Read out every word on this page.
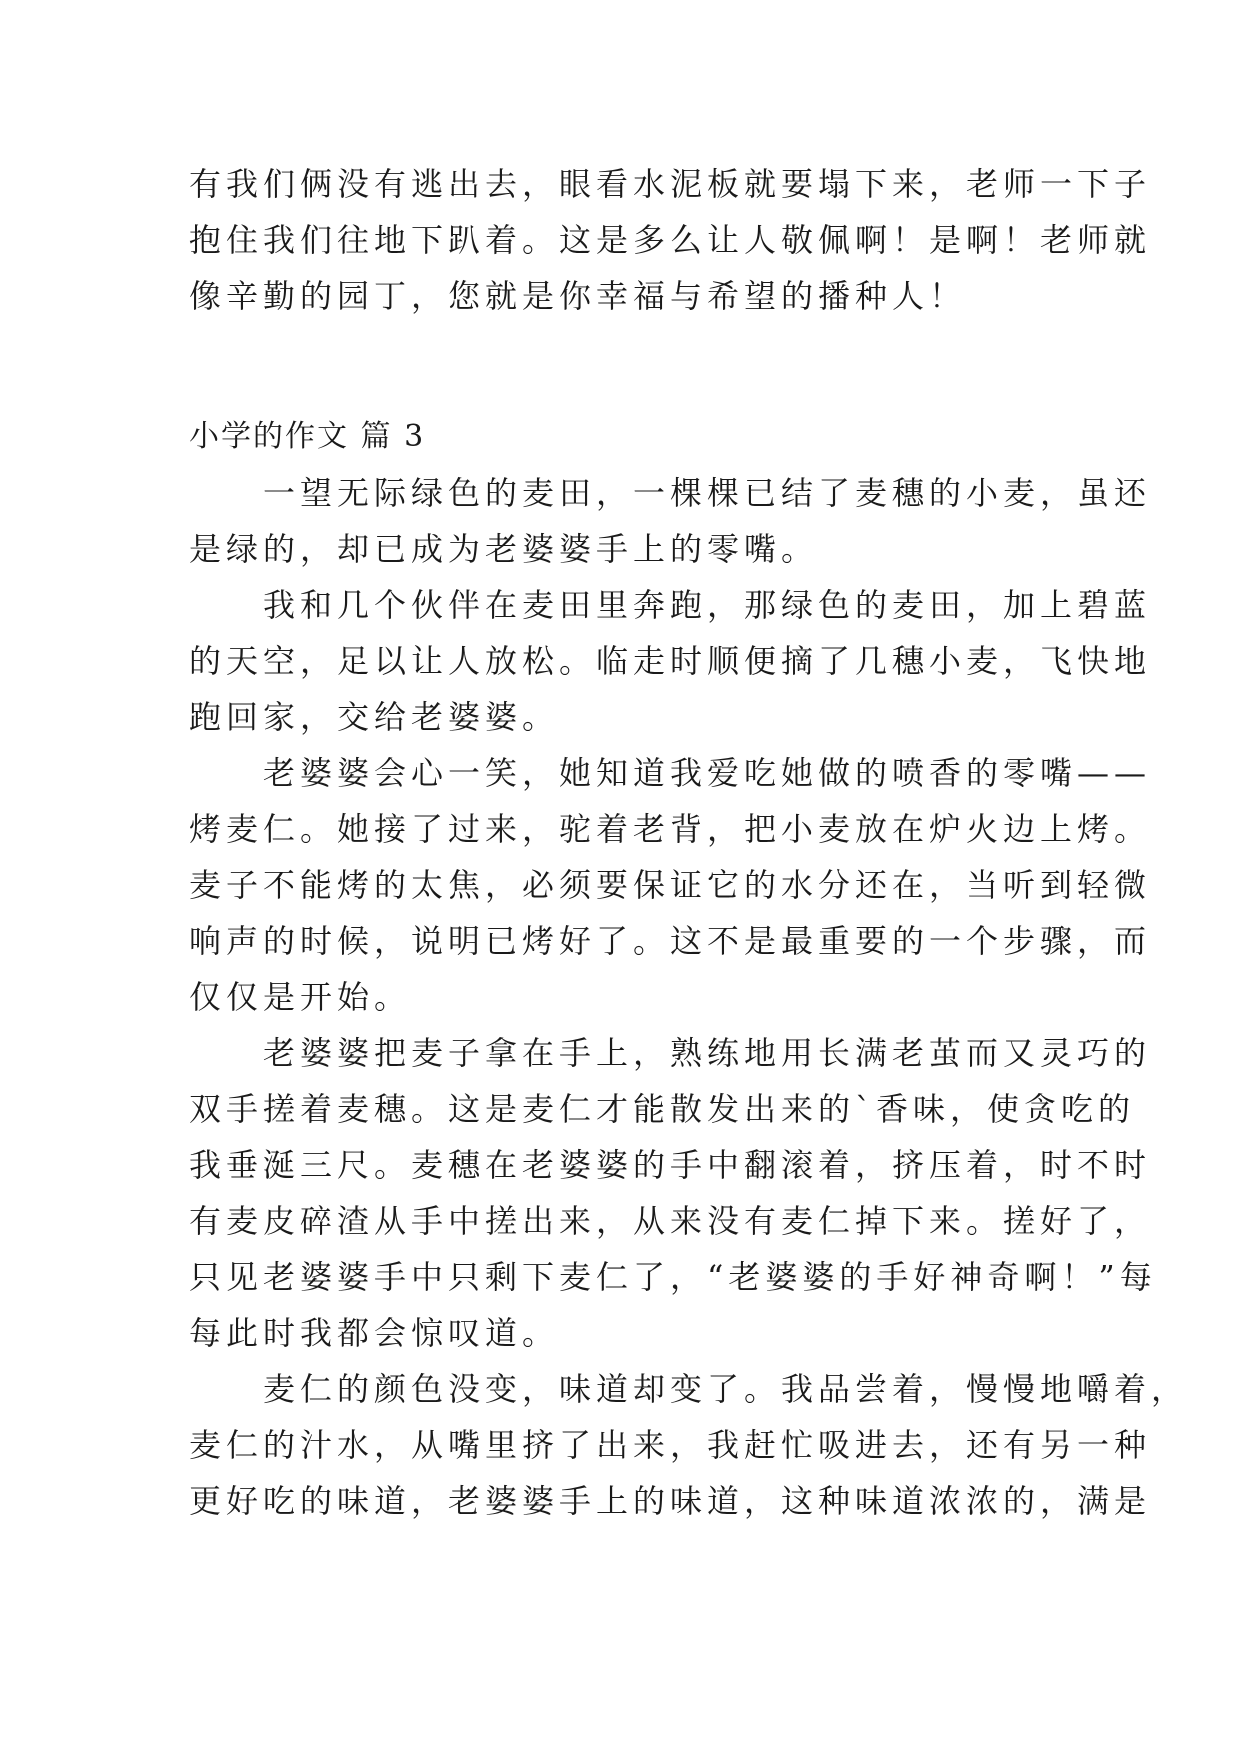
有我们俩没有逃出去，眼看水泥板就要塌下来，老师一下子
抱住我们往地下趴着。这是多么让人敬佩啊！是啊！老师就
像辛勤的园丁，您就是你幸福与希望的播种人！
小学的作文 篇 3
　　一望无际绿色的麦田，一棵棵已结了麦穗的小麦，虽还
是绿的，却已成为老婆婆手上的零嘴。
　　我和几个伙伴在麦田里奔跑，那绿色的麦田，加上碧蓝
的天空，足以让人放松。临走时顺便摘了几穗小麦，飞快地
跑回家，交给老婆婆。
　　老婆婆会心一笑，她知道我爱吃她做的喷香的零嘴——
烤麦仁。她接了过来，驼着老背，把小麦放在炉火边上烤。
麦子不能烤的太焦，必须要保证它的水分还在，当听到轻微
响声的时候，说明已烤好了。这不是最重要的一个步骤，而
仅仅是开始。
　　老婆婆把麦子拿在手上，熟练地用长满老茧而又灵巧的
双手搓着麦穗。这是麦仁才能散发出来的`香味，使贪吃的
我垂涎三尺。麦穗在老婆婆的手中翻滚着，挤压着，时不时
有麦皮碎渣从手中搓出来，从来没有麦仁掉下来。搓好了，
只见老婆婆手中只剩下麦仁了，“老婆婆的手好神奇啊！”每
每此时我都会惊叹道。
　　麦仁的颜色没变，味道却变了。我品尝着，慢慢地嚼着，
麦仁的汁水，从嘴里挤了出来，我赶忙吸进去，还有另一种
更好吃的味道，老婆婆手上的味道，这种味道浓浓的，满是
